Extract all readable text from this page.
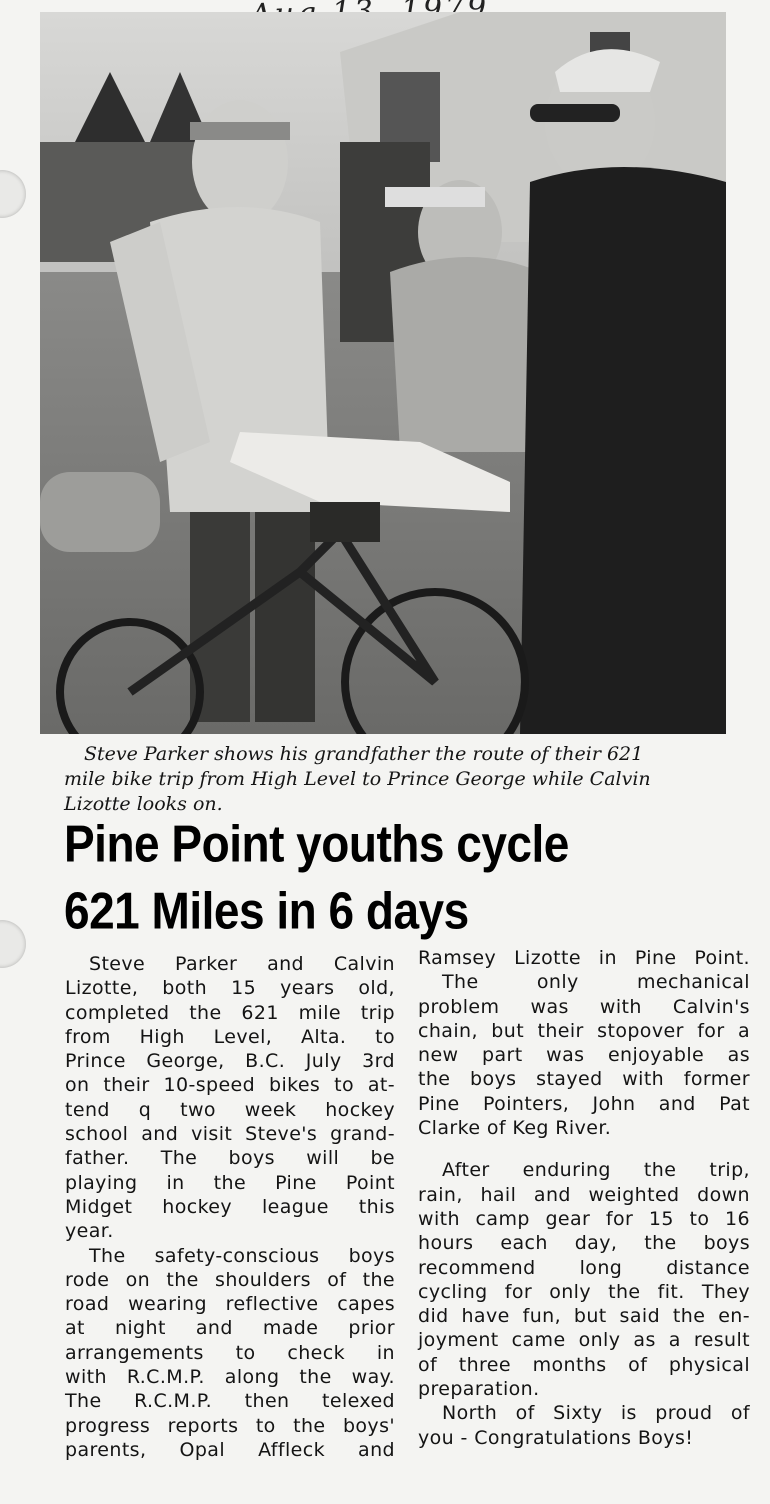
Steve Parker shows his grandfather the route of their 621
mile bike trip from High Level to Prince George while Calvin
Lizotte looks on.
Pine Point youths cycle
621 Miles in 6 days
Steve Parker and Calvin
Lizotte, both 15 years old,
completed the 621 mile trip
from High Level, Alta. to
Prince George, B.C. July 3rd
on their 10-speed bikes to at-
tend q two week hockey
school and visit Steve's grand-
father. The boys will be
playing in the Pine Point
Midget hockey league this
year.
The safety-conscious boys
rode on the shoulders of the
road wearing reflective capes
at night and made prior
arrangements to check in
with R.C.M.P. along the way.
The R.C.M.P. then telexed
progress reports to the boys'
parents, Opal Affleck and
Ramsey Lizotte in Pine Point.
The only mechanical
problem was with Calvin's
chain, but their stopover for a
new part was enjoyable as
the boys stayed with former
Pine Pointers, John and Pat
Clarke of Keg River.
After enduring the trip,
rain, hail and weighted down
with camp gear for 15 to 16
hours each day, the boys
recommend long distance
cycling for only the fit. They
did have fun, but said the en-
joyment came only as a result
of three months of physical
preparation.
North of Sixty is proud of
you - Congratulations Boys!
